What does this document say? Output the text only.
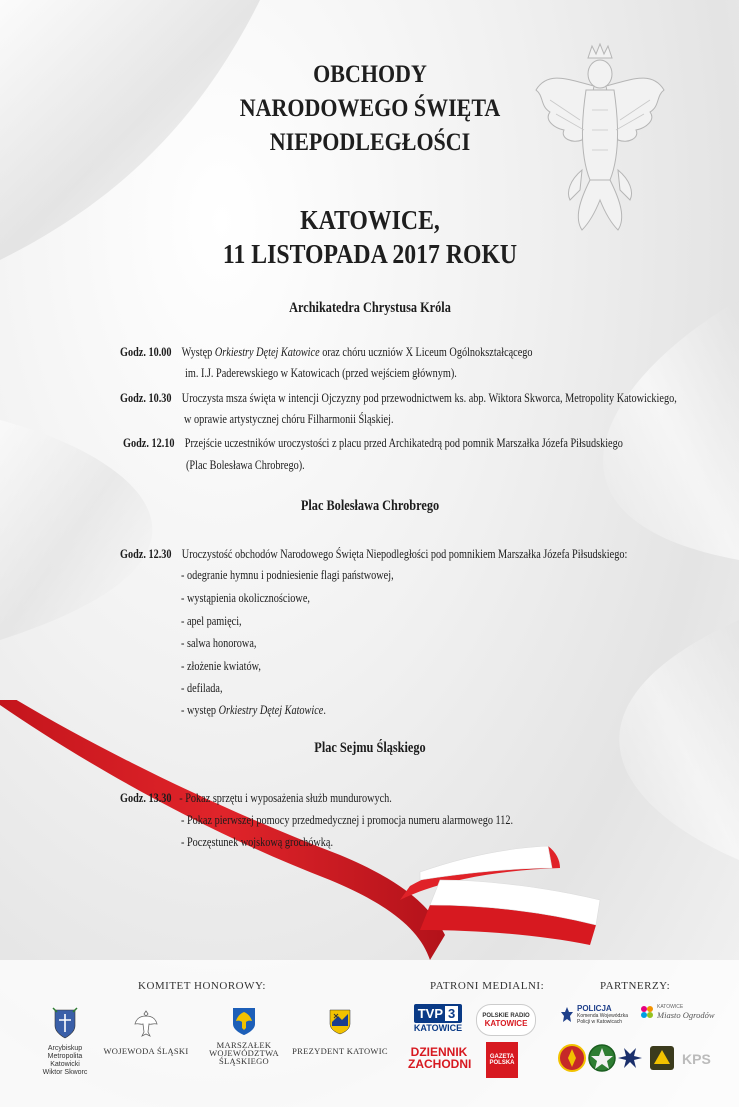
OBCHODY
NARODOWEGO ŚWIĘTA
NIEPODLEGŁOŚCI
KATOWICE,
11 LISTOPADA 2017 ROKU
Archikatedra Chrystusa Króla
Godz. 10.00 Występ Orkiestry Dętej Katowice oraz chóru uczniów X Liceum Ogólnokształcącego
im. I.J. Paderewskiego w Katowicach (przed wejściem głównym).
Godz. 10.30 Uroczysta msza święta w intencji Ojczyzny pod przewodnictwem ks. abp. Wiktora Skworca, Metropolity Katowickiego,
w oprawie artystycznej chóru Filharmonii Śląskiej.
Godz. 12.10 Przejście uczestników uroczystości z placu przed Archikatedrą pod pomnik Marszałka Józefa Piłsudskiego
(Plac Bolesława Chrobrego).
Plac Bolesława Chrobrego
Godz. 12.30 Uroczystość obchodów Narodowego Święta Niepodległości pod pomnikiem Marszałka Józefa Piłsudskiego:
- odegranie hymnu i podniesienie flagi państwowej,
- wystąpienia okolicznościowe,
- apel pamięci,
- salwa honorowa,
- złożenie kwiatów,
- defilada,
- występ Orkiestry Dętej Katowice.
Plac Sejmu Śląskiego
Godz. 13.30 - Pokaz sprzętu i wyposażenia służb mundurowych.
- Pokaz pierwszej pomocy przedmedycznej i promocja numeru alarmowego 112.
- Poczęstunek wojskową grochówką.
KOMITET HONOROWY:	PATRONI MEDIALNI:	PARTNERZY:
Arcybiskup
Metropolita Katowicki
Wiktor Skworc
WOJEWODA ŚLĄSKI
MARSZAŁEK
WOJEWÓDZTWA ŚLĄSKIEGO
PREZYDENT KATOWIC
TVP 3
KATOWICE
POLSKIE RADIO
KATOWICE
DZIENNIK
ZACHODNI	GAZETA
POLSKA
POLICJA
Komenda Wojewódzka
Policji w Katowicach
KATOWICE
Miasto Ogrodów
KPS
